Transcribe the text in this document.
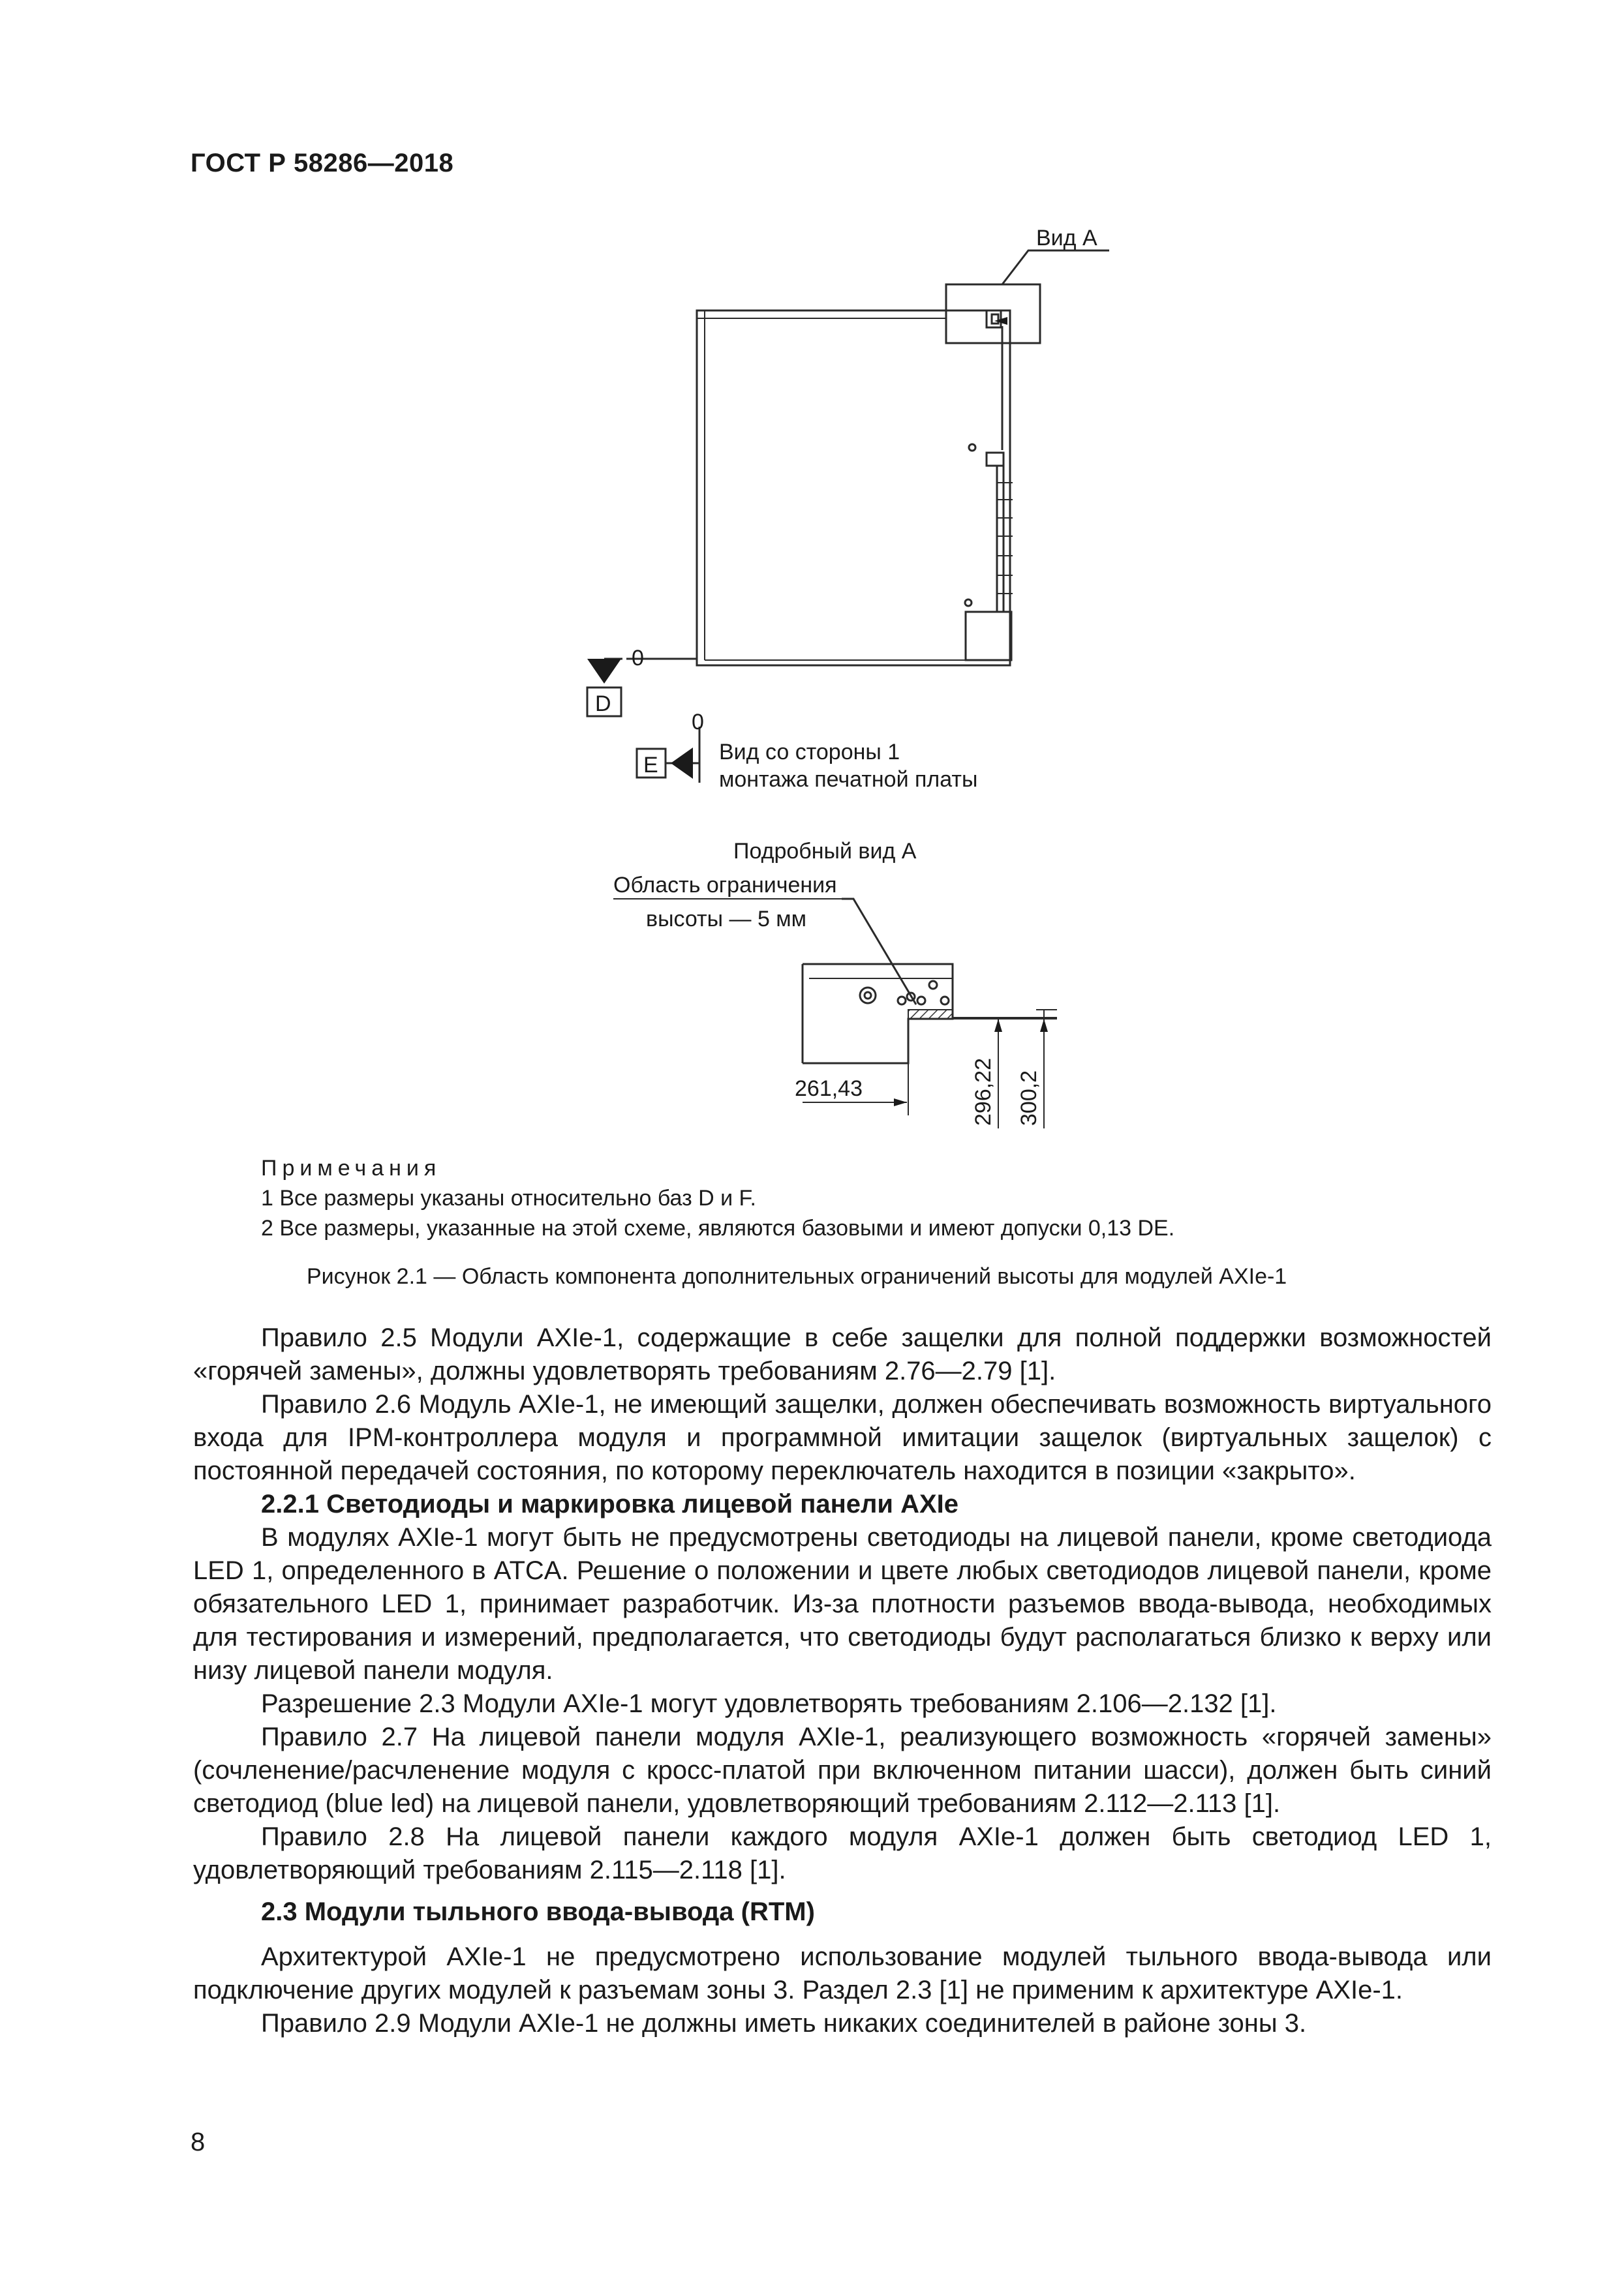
ГОСТ Р 58286—2018
Вид А
0
0
D
E
Вид со стороны 1
монтажа печатной платы
Подробный вид А
Область ограничения
высоты — 5 мм
261,43	296,22 300,2
Примечания
1 Все размеры указаны относительно баз D и F.
2 Все размеры, указанные на этой схеме, являются базовыми и имеют допуски 0,13 DE.
Рисунок 2.1 — Область компонента дополнительных ограничений высоты для модулей AXIe-1

Правило 2.5 Модули AXIe-1, содержащие в себе защелки для полной поддержки возможностей «горячей замены», должны удовлетворять требованиям 2.76—2.79 [1].

Правило 2.6 Модуль AXIe-1, не имеющий защелки, должен обеспечивать возможность виртуального входа для IPM-контроллера модуля и программной имитации защелок (виртуальных защелок) с постоянной передачей состояния, по которому переключатель находится в позиции «закрыто».

2.2.1 Светодиоды и маркировка лицевой панели AXIe

В модулях AXIe-1 могут быть не предусмотрены светодиоды на лицевой панели, кроме светодиода LED 1, определенного в ATCA. Решение о положении и цвете любых светодиодов лицевой панели, кроме обязательного LED 1, принимает разработчик. Из-за плотности разъемов ввода-вывода, необходимых для тестирования и измерений, предполагается, что светодиоды будут располагаться близко к верху или низу лицевой панели модуля.

Разрешение 2.3 Модули AXIe-1 могут удовлетворять требованиям 2.106—2.132 [1].

Правило 2.7 На лицевой панели модуля AXIe-1, реализующего возможность «горячей замены» (сочленение/расчленение модуля с кросс-платой при включенном питании шасси), должен быть синий светодиод (blue led) на лицевой панели, удовлетворяющий требованиям 2.112—2.113 [1].

Правило 2.8 На лицевой панели каждого модуля AXIe-1 должен быть светодиод LED 1, удовлетворяющий требованиям 2.115—2.118 [1].

2.3 Модули тыльного ввода-вывода (RTM)

Архитектурой AXIe-1 не предусмотрено использование модулей тыльного ввода-вывода или подключение других модулей к разъемам зоны 3. Раздел 2.3 [1] не применим к архитектуре AXIe-1.

Правило 2.9 Модули AXIe-1 не должны иметь никаких соединителей в районе зоны 3.

8
